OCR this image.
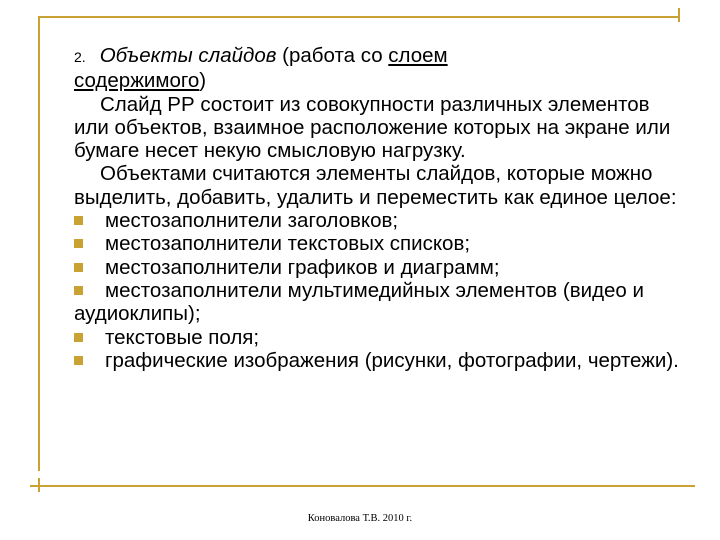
2. Объекты слайдов (работа со слоем
содержимого)

Слайд РР состоит из совокупности различных элементов или объектов, взаимное расположение которых на экране или бумаге несет некую смысловую нагрузку.

Объектами считаются элементы слайдов, которые можно выделить, добавить, удалить и переместить как единое целое:

местозаполнители заголовков;
местозаполнители текстовых списков;
местозаполнители графиков и диаграмм;
местозаполнители мультимедийных элементов (видео и аудиоклипы);
текстовые поля;
графические изображения (рисунки, фотографии, чертежи).
Коновалова Т.В. 2010 г.
